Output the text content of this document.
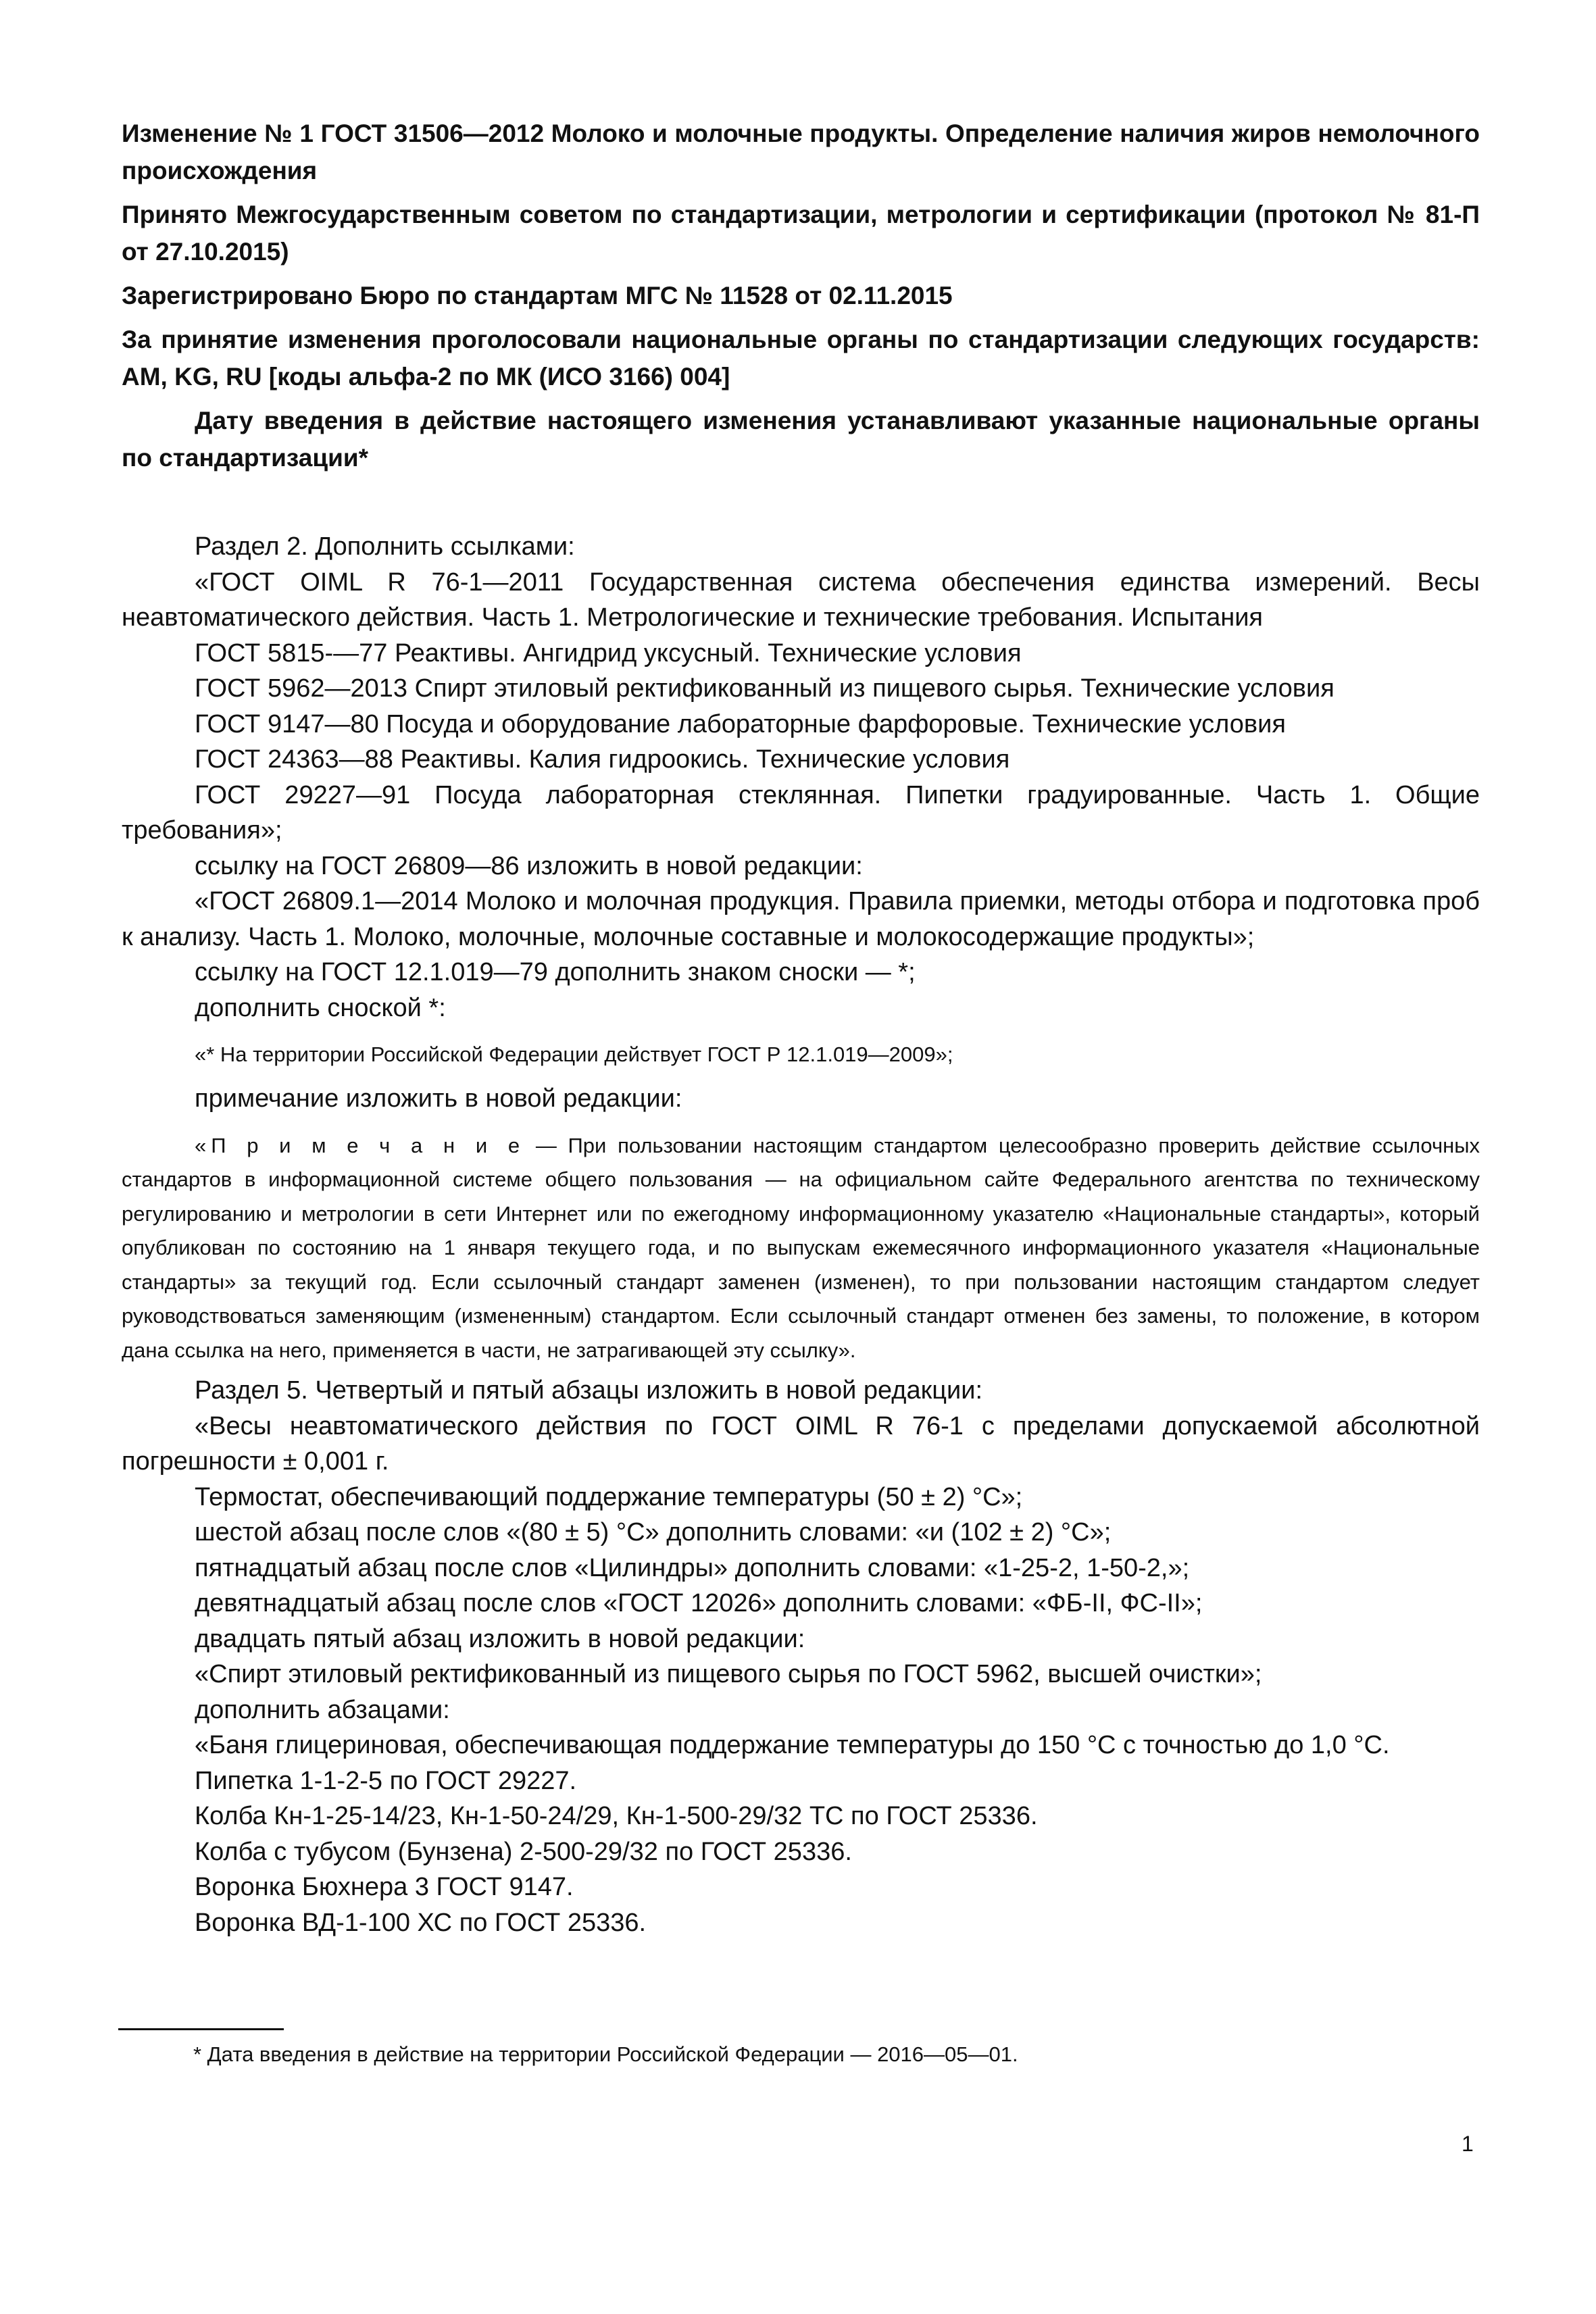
Изменение № 1 ГОСТ 31506—2012 Молоко и молочные продукты. Определение наличия жиров немолочного происхождения

Принято Межгосударственным советом по стандартизации, метрологии и сертификации (протокол № 81-П от 27.10.2015)

Зарегистрировано Бюро по стандартам МГС № 11528 от 02.11.2015

За принятие изменения проголосовали национальные органы по стандартизации следующих государств: AM, KG, RU [коды альфа-2 по МК (ИСО 3166) 004]

Дату введения в действие настоящего изменения устанавливают указанные национальные органы по стандартизации*

Раздел 2. Дополнить ссылками:

«ГОСТ OIML R 76-1—2011 Государственная система обеспечения единства измерений. Весы неавтоматического действия. Часть 1. Метрологические и технические требования. Испытания

ГОСТ 5815-—77 Реактивы. Ангидрид уксусный. Технические условия

ГОСТ 5962—2013 Спирт этиловый ректификованный из пищевого сырья. Технические условия

ГОСТ 9147—80 Посуда и оборудование лабораторные фарфоровые. Технические условия

ГОСТ 24363—88 Реактивы. Калия гидроокись. Технические условия

ГОСТ 29227—91 Посуда лабораторная стеклянная. Пипетки градуированные. Часть 1. Общие требования»;

ссылку на ГОСТ 26809—86 изложить в новой редакции:

«ГОСТ 26809.1—2014 Молоко и молочная продукция. Правила приемки, методы отбора и подготовка проб к анализу. Часть 1. Молоко, молочные, молочные составные и молокосодержащие продукты»;

ссылку на ГОСТ 12.1.019—79 дополнить знаком сноски — *;

дополнить сноской *:

«* На территории Российской Федерации действует ГОСТ Р 12.1.019—2009»;

примечание изложить в новой редакции:

«П р и м е ч а н и е — При пользовании настоящим стандартом целесообразно проверить действие ссылочных стандартов в информационной системе общего пользования — на официальном сайте Федерального агентства по техническому регулированию и метрологии в сети Интернет или по ежегодному информационному указателю «Национальные стандарты», который опубликован по состоянию на 1 января текущего года, и по выпускам ежемесячного информационного указателя «Национальные стандарты» за текущий год. Если ссылочный стандарт заменен (изменен), то при пользовании настоящим стандартом следует руководствоваться заменяющим (измененным) стандартом. Если ссылочный стандарт отменен без замены, то положение, в котором дана ссылка на него, применяется в части, не затрагивающей эту ссылку».

Раздел 5. Четвертый и пятый абзацы изложить в новой редакции:

«Весы неавтоматического действия по ГОСТ OIML R 76-1 с пределами допускаемой абсолютной погрешности ± 0,001 г.

Термостат, обеспечивающий поддержание температуры (50 ± 2) °С»;

шестой абзац после слов «(80 ± 5) °С» дополнить словами: «и (102 ± 2) °С»;

пятнадцатый абзац после слов «Цилиндры» дополнить словами: «1-25-2, 1-50-2,»;

девятнадцатый абзац после слов «ГОСТ 12026» дополнить словами: «ФБ-II, ФС-II»;

двадцать пятый абзац изложить в новой редакции:

«Спирт этиловый ректификованный из пищевого сырья по ГОСТ 5962, высшей очистки»;

дополнить абзацами:

«Баня глицериновая, обеспечивающая поддержание температуры до 150 °С с точностью до 1,0 °С.

Пипетка 1-1-2-5 по ГОСТ 29227.

Колба Кн-1-25-14/23, Кн-1-50-24/29, Кн-1-500-29/32 ТС по ГОСТ 25336.

Колба с тубусом (Бунзена) 2-500-29/32 по ГОСТ 25336.

Воронка Бюхнера 3 ГОСТ 9147.

Воронка ВД-1-100 ХС по ГОСТ 25336.

* Дата введения в действие на территории Российской Федерации — 2016—05—01.
1
